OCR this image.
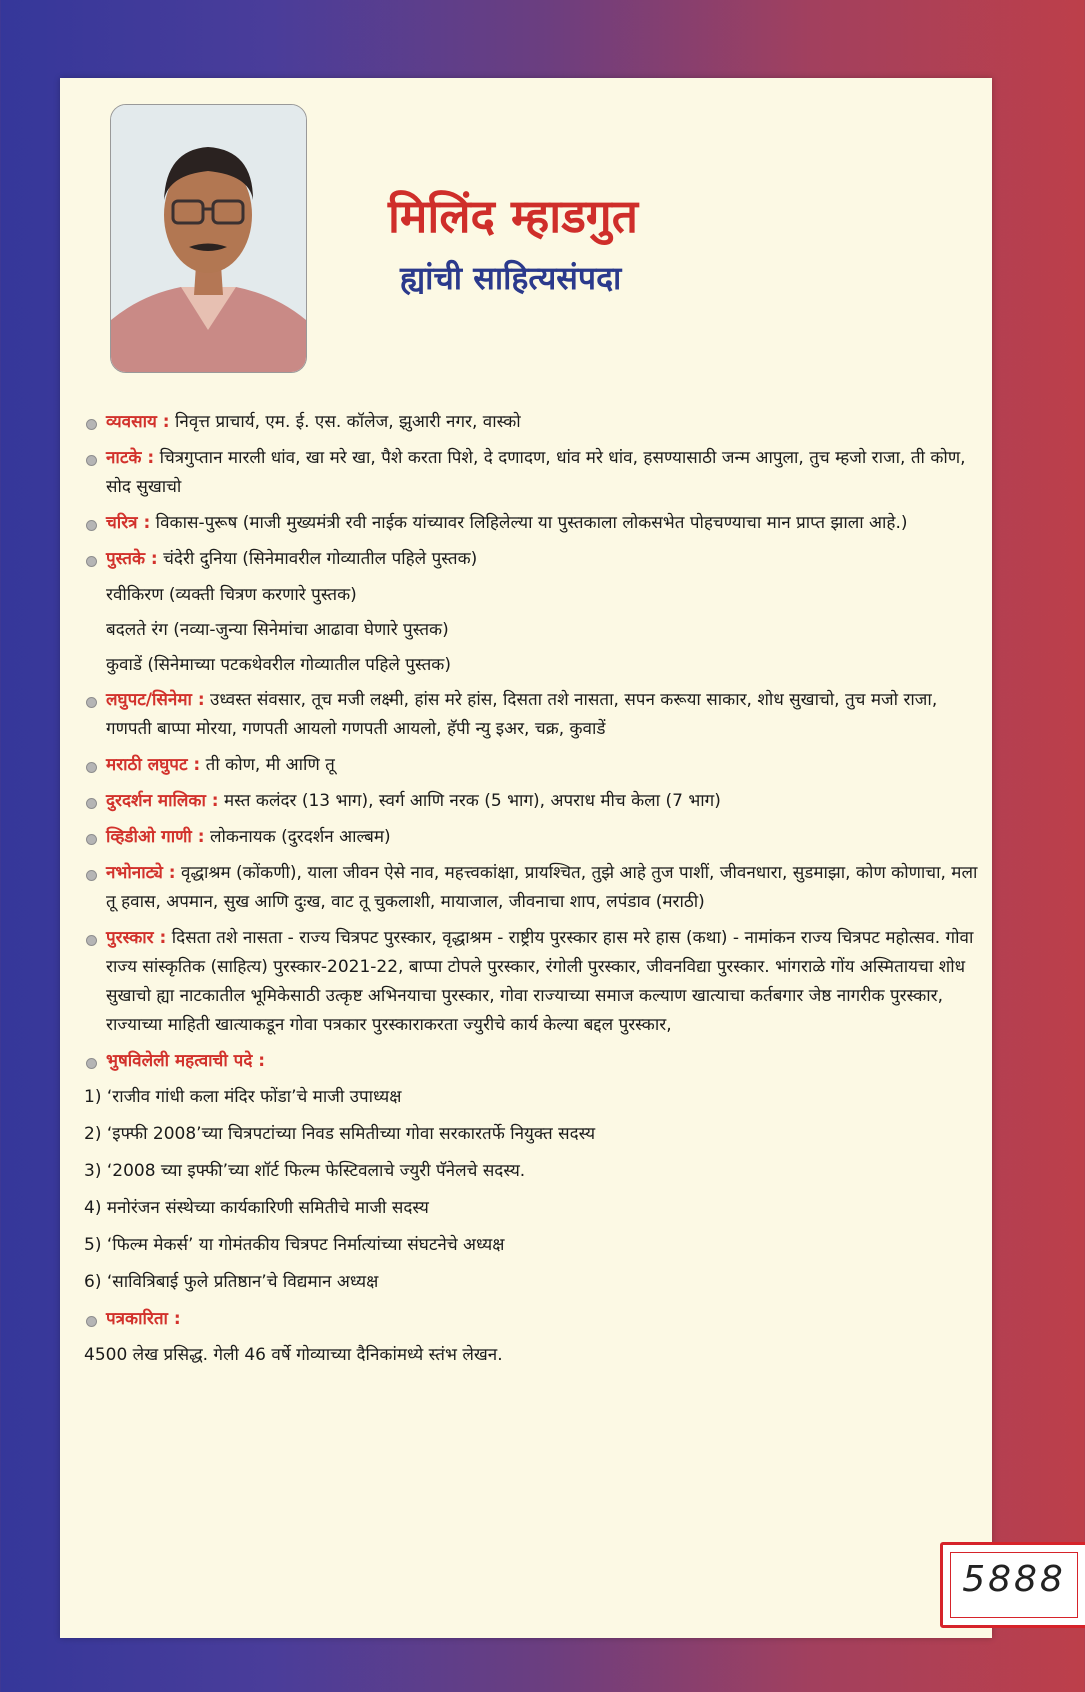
मिलिंद म्हाडगुत
ह्यांची साहित्यसंपदा
व्यवसाय : निवृत्त प्राचार्य, एम. ई. एस. कॉलेज, झुआरी नगर, वास्को
नाटके : चित्रगुप्तान मारली धांव, खा मरे खा, पैशे करता पिशे, दे दणादण, धांव मरे धांव, हसण्यासाठी जन्म आपुला, तुच म्हजो राजा, ती कोण, सोद सुखाचो
चरित्र : विकास-पुरूष (माजी मुख्यमंत्री रवी नाईक यांच्यावर लिहिलेल्या या पुस्तकाला लोकसभेत पोहचण्याचा मान प्राप्त झाला आहे.)
पुस्तके : चंदेरी दुनिया (सिनेमावरील गोव्यातील पहिले पुस्तक)
रवीकिरण (व्यक्ती चित्रण करणारे पुस्तक)
बदलते रंग (नव्या-जुन्या सिनेमांचा आढावा घेणारे पुस्तक)
कुवाडें (सिनेमाच्या पटकथेवरील गोव्यातील पहिले पुस्तक)
लघुपट/सिनेमा : उध्वस्त संवसार, तूच मजी लक्ष्मी, हांस मरे हांस, दिसता तशे नासता, सपन करूया साकार, शोध सुखाचो, तुच मजो राजा, गणपती बाप्पा मोरया, गणपती आयलो गणपती आयलो, हॅपी न्यु इअर, चक्र, कुवाडें
मराठी लघुपट : ती कोण, मी आणि तू
दुरदर्शन मालिका : मस्त कलंदर (13 भाग), स्वर्ग आणि नरक (5 भाग), अपराध मीच केला (7 भाग)
व्हिडीओ गाणी : लोकनायक (दुरदर्शन आल्बम)
नभोनाट्ये : वृद्धाश्रम (कोंकणी), याला जीवन ऐसे नाव, महत्त्वकांक्षा, प्रायश्चित, तुझे आहे तुज पाशीं, जीवनधारा, सुडमाझा, कोण कोणाचा, मला तू हवास, अपमान, सुख आणि दुःख, वाट तू चुकलाशी, मायाजाल, जीवनाचा शाप, लपंडाव (मराठी)
पुरस्कार : दिसता तशे नासता - राज्य चित्रपट पुरस्कार, वृद्धाश्रम - राष्ट्रीय पुरस्कार हास मरे हास (कथा) - नामांकन राज्य चित्रपट महोत्सव. गोवा राज्य सांस्कृतिक (साहित्य) पुरस्कार-2021-22, बाप्पा टोपले पुरस्कार, रंगोली पुरस्कार, जीवनविद्या पुरस्कार. भांगराळे गोंय अस्मितायचा शोध सुखाचो ह्या नाटकातील भूमिकेसाठी उत्कृष्ट अभिनयाचा पुरस्कार, गोवा राज्याच्या समाज कल्याण खात्याचा कर्तबगार जेष्ठ नागरीक पुरस्कार, राज्याच्या माहिती खात्याकडून गोवा पत्रकार पुरस्काराकरता ज्युरीचे कार्य केल्या बद्दल पुरस्कार,
भुषविलेली महत्वाची पदे :
1) ‘राजीव गांधी कला मंदिर फोंडा’चे माजी उपाध्यक्ष
2) ‘इफ्फी 2008’च्या चित्रपटांच्या निवड समितीच्या गोवा सरकारतर्फे नियुक्त सदस्य
3) ‘2008 च्या इफ्फी’च्या शॉर्ट फिल्म फेस्टिवलाचे ज्युरी पॅनेलचे सदस्य.
4) मनोरंजन संस्थेच्या कार्यकारिणी समितीचे माजी सदस्य
5) ‘फिल्म मेकर्स’ या गोमंतकीय चित्रपट निर्मात्यांच्या संघटनेचे अध्यक्ष
6) ‘सावित्रिबाई फुले प्रतिष्ठान’चे विद्यमान अध्यक्ष
पत्रकारिता :
4500 लेख प्रसिद्ध. गेली 46 वर्षे गोव्याच्या दैनिकांमध्ये स्तंभ लेखन.
5888
